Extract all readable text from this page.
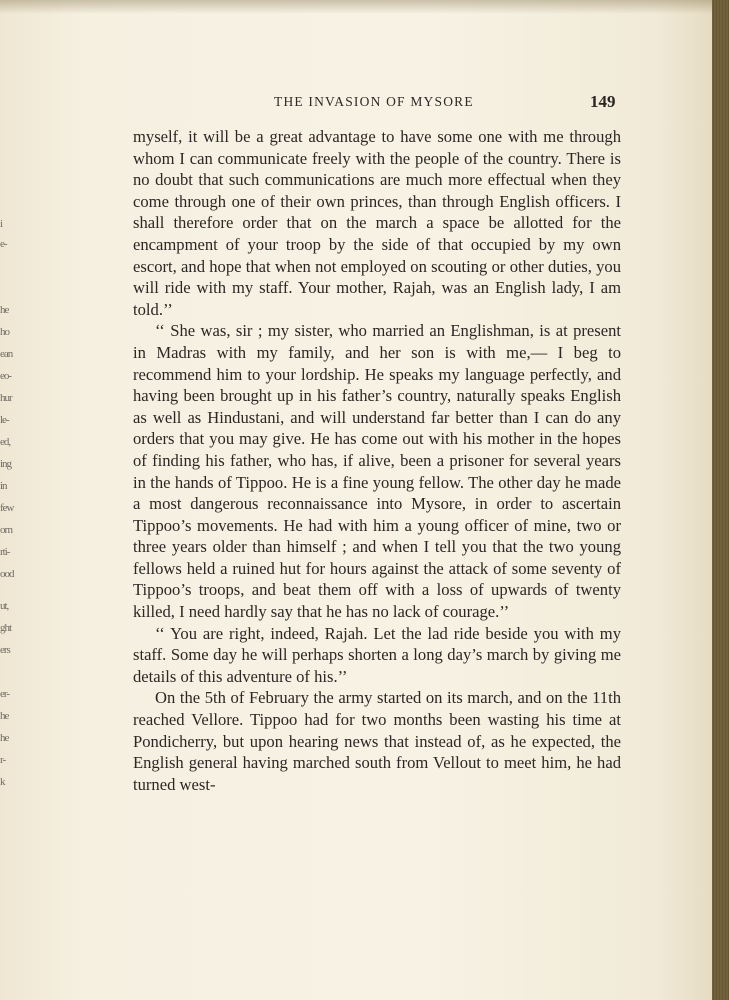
i
e-
he
ho
ean
eo-
hur
le-
ed,
ing
in
few
om
rti-
ood
ut,
ght
ers
er-
he
he
r-
k
THE INVASION OF MYSORE	149

myself, it will be a great advantage to have some one with me through whom I can communicate freely with the people of the country. There is no doubt that such communications are much more effectual when they come through one of their own princes, than through English officers. I shall therefore order that on the march a space be allotted for the encampment of your troop by the side of that occupied by my own escort, and hope that when not employed on scouting or other duties, you will ride with my staff. Your mother, Rajah, was an English lady, I am told.’’

‘‘ She was, sir ; my sister, who married an Englishman, is at present in Madras with my family, and her son is with me,— I beg to recommend him to your lordship. He speaks my language perfectly, and having been brought up in his father’s country, naturally speaks English as well as Hindustani, and will understand far better than I can do any orders that you may give. He has come out with his mother in the hopes of finding his father, who has, if alive, been a prisoner for several years in the hands of Tippoo. He is a fine young fellow. The other day he made a most dangerous reconnaissance into Mysore, in order to ascertain Tippoo’s movements. He had with him a young officer of mine, two or three years older than himself ; and when I tell you that the two young fellows held a ruined hut for hours against the attack of some seventy of Tippoo’s troops, and beat them off with a loss of upwards of twenty killed, I need hardly say that he has no lack of courage.’’

‘‘ You are right, indeed, Rajah. Let the lad ride beside you with my staff. Some day he will perhaps shorten a long day’s march by giving me details of this adventure of his.’’

On the 5th of February the army started on its march, and on the 11th reached Vellore. Tippoo had for two months been wasting his time at Pondicherry, but upon hearing news that instead of, as he expected, the English general having marched south from Vellout to meet him, he had turned west-
